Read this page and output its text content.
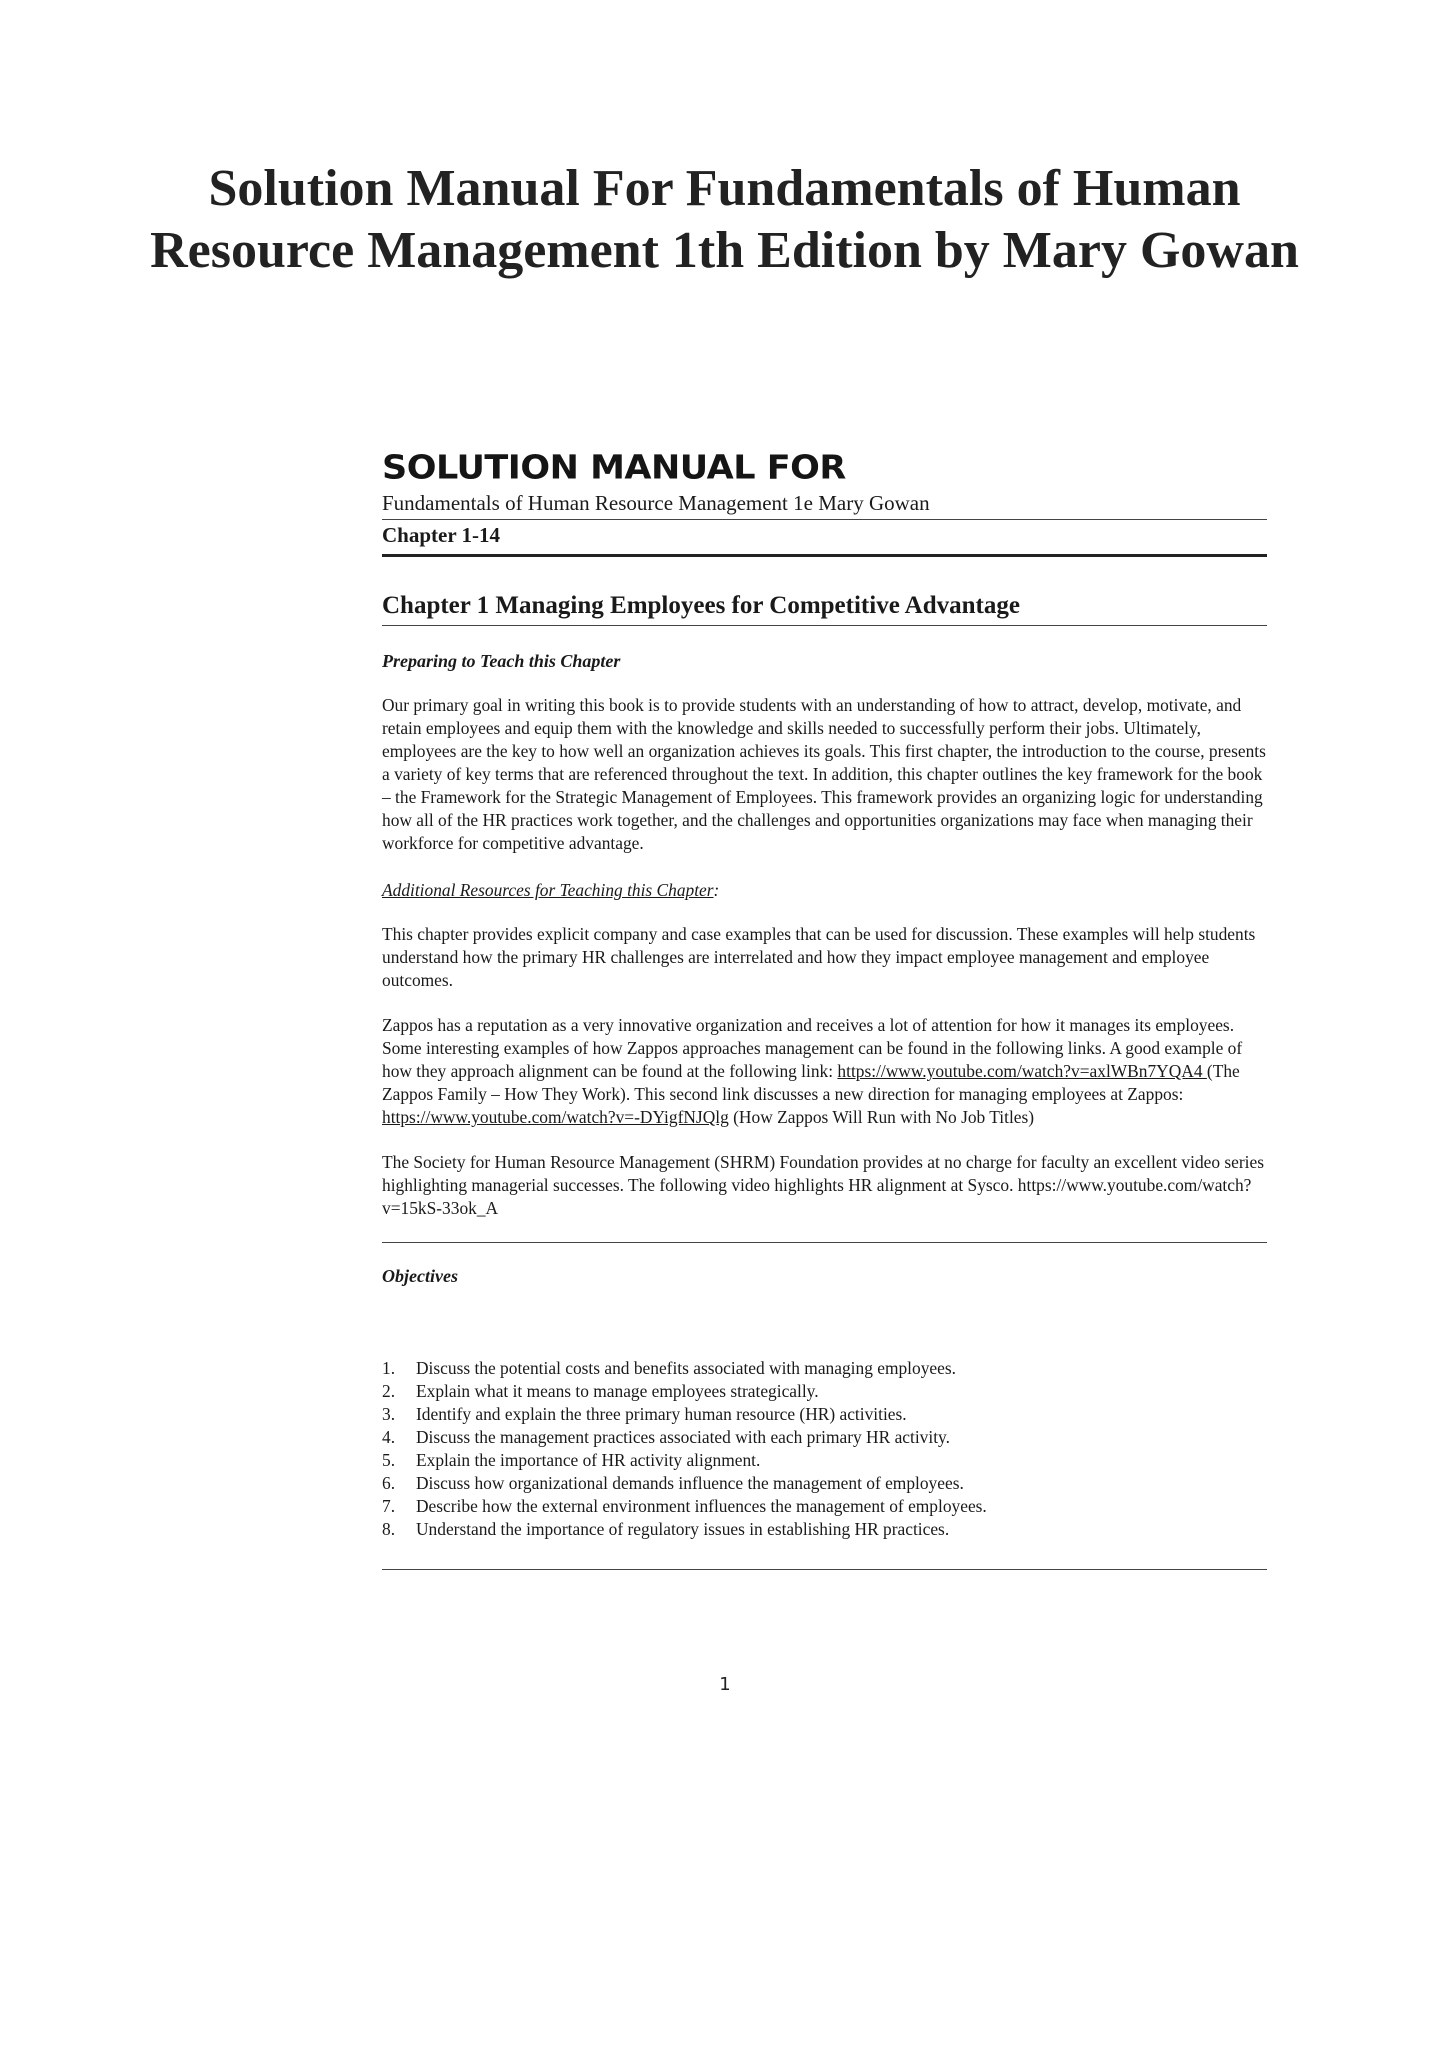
Solution Manual For Fundamentals of Human Resource Management 1th Edition by Mary Gowan
SOLUTION MANUAL FOR
Fundamentals of Human Resource Management 1e Mary Gowan
Chapter 1-14
Chapter 1 Managing Employees for Competitive Advantage
Preparing to Teach this Chapter

Our primary goal in writing this book is to provide students with an understanding of how to attract, develop, motivate, and retain employees and equip them with the knowledge and skills needed to successfully perform their jobs. Ultimately, employees are the key to how well an organization achieves its goals. This first chapter, the introduction to the course, presents a variety of key terms that are referenced throughout the text. In addition, this chapter outlines the key framework for the book – the Framework for the Strategic Management of Employees. This framework provides an organizing logic for understanding how all of the HR practices work together, and the challenges and opportunities organizations may face when managing their workforce for competitive advantage.

Additional Resources for Teaching this Chapter:

This chapter provides explicit company and case examples that can be used for discussion. These examples will help students understand how the primary HR challenges are interrelated and how they impact employee management and employee outcomes.

Zappos has a reputation as a very innovative organization and receives a lot of attention for how it manages its employees. Some interesting examples of how Zappos approaches management can be found in the following links. A good example of how they approach alignment can be found at the following link: https://www.youtube.com/watch?v=axlWBn7YQA4 (The Zappos Family – How They Work). This second link discusses a new direction for managing employees at Zappos: https://www.youtube.com/watch?v=-DYigfNJQlg (How Zappos Will Run with No Job Titles)

The Society for Human Resource Management (SHRM) Foundation provides at no charge for faculty an excellent video series highlighting managerial successes. The following video highlights HR alignment at Sysco. https://www.youtube.com/watch?v=15kS-33ok_A

Objectives
1.	Discuss the potential costs and benefits associated with managing employees.
2.	Explain what it means to manage employees strategically.
3.	Identify and explain the three primary human resource (HR) activities.
4.	Discuss the management practices associated with each primary HR activity.
5.	Explain the importance of HR activity alignment.
6.	Discuss how organizational demands influence the management of employees.
7.	Describe how the external environment influences the management of employees.
8.	Understand the importance of regulatory issues in establishing HR practices.
1
